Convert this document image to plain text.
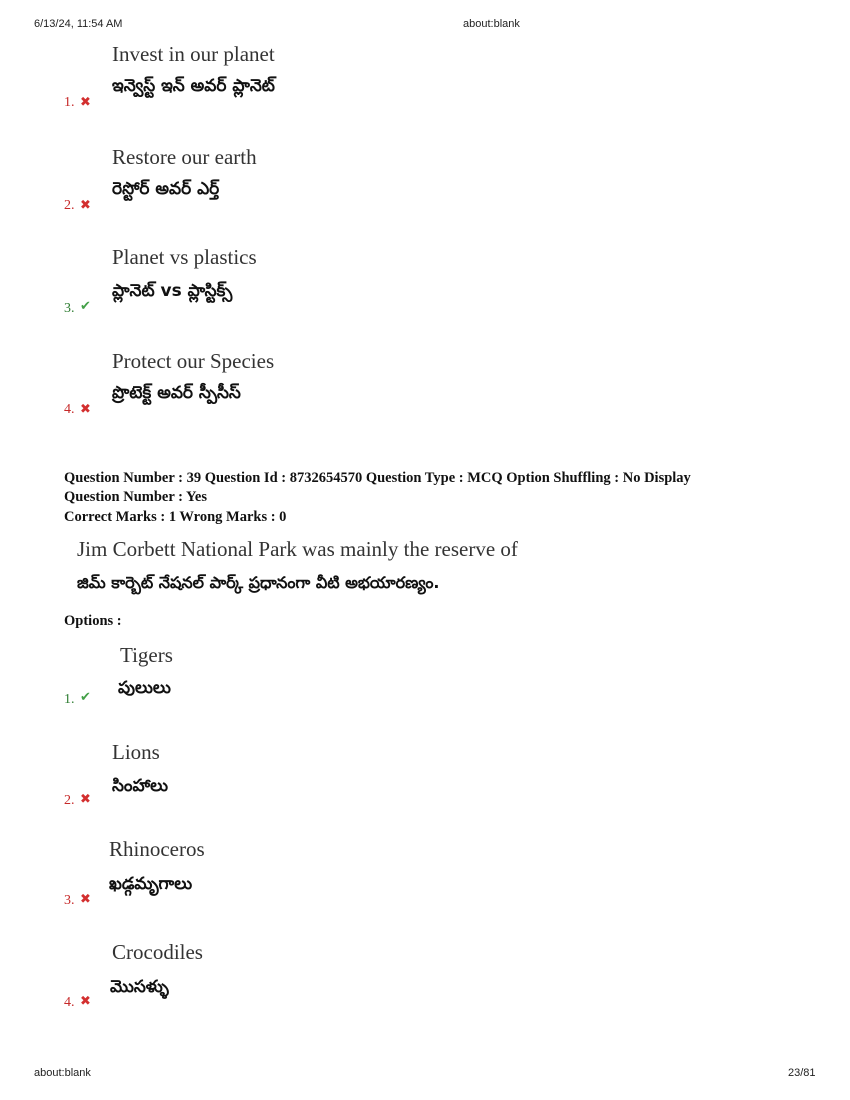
6/13/24, 11:54 AM	about:blank
Invest in our planet
ఇన్వెస్ట్ ఇన్ అవర్ ప్లానెట్
1. ✖
Restore our earth
రెస్టోర్ అవర్ ఎర్త్
2. ✖
Planet vs plastics
ప్లానెట్ vs ప్లాస్టిక్స్
3. ✔
Protect our Species
ప్రొటెక్ట్ అవర్ స్పీసీస్
4. ✖
Question Number : 39 Question Id : 8732654570 Question Type : MCQ Option Shuffling : No Display
Question Number : Yes
Correct Marks : 1 Wrong Marks : 0
Jim Corbett National Park was mainly the reserve of
జిమ్ కార్బెట్ నేషనల్ పార్క్ ప్రధానంగా వీటి అభయారణ్యం.
Options :
Tigers
పులులు
1. ✔
Lions
సింహాలు
2. ✖
Rhinoceros
ఖడ్గమృగాలు
3. ✖
Crocodiles
మొసళ్ళు
4. ✖
about:blank	23/81
